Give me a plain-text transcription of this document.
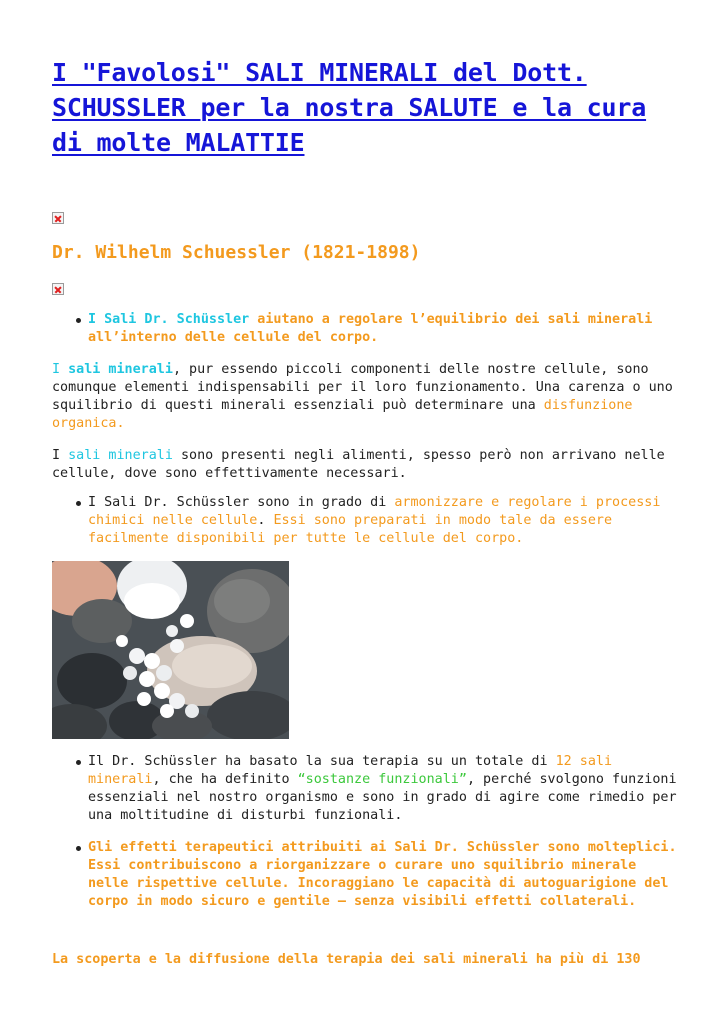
I "Favolosi" SALI MINERALI del Dott. SCHUSSLER per la nostra SALUTE e la cura di molte MALATTIE
Dr. Wilhelm Schuessler (1821-1898)
I Sali Dr. Schüssler aiutano a regolare l’equilibrio dei sali minerali all’interno delle cellule del corpo.

I sali minerali, pur essendo piccoli componenti delle nostre cellule, sono comunque elementi indispensabili per il loro funzionamento. Una carenza o uno squilibrio di questi minerali essenziali può determinare una disfunzione organica.

I sali minerali sono presenti negli alimenti, spesso però non arrivano nelle cellule, dove sono effettivamente necessari.

I Sali Dr. Schüssler sono in grado di armonizzare e regolare i processi chimici nelle cellule. Essi sono preparati in modo tale da essere facilmente disponibili per tutte le cellule del corpo.
Il Dr. Schüssler ha basato la sua terapia su un totale di 12 sali minerali, che ha definito “sostanze funzionali”, perché svolgono funzioni essenziali nel nostro organismo e sono in grado di agire come rimedio per una moltitudine di disturbi funzionali.
Gli effetti terapeutici attribuiti ai Sali Dr. Schüssler sono molteplici. Essi contribuiscono a riorganizzare o curare uno squilibrio minerale nelle rispettive cellule. Incoraggiano le capacità di autoguarigione del corpo in modo sicuro e gentile – senza visibili effetti collaterali.

La scoperta e la diffusione della terapia dei sali minerali ha più di 130
